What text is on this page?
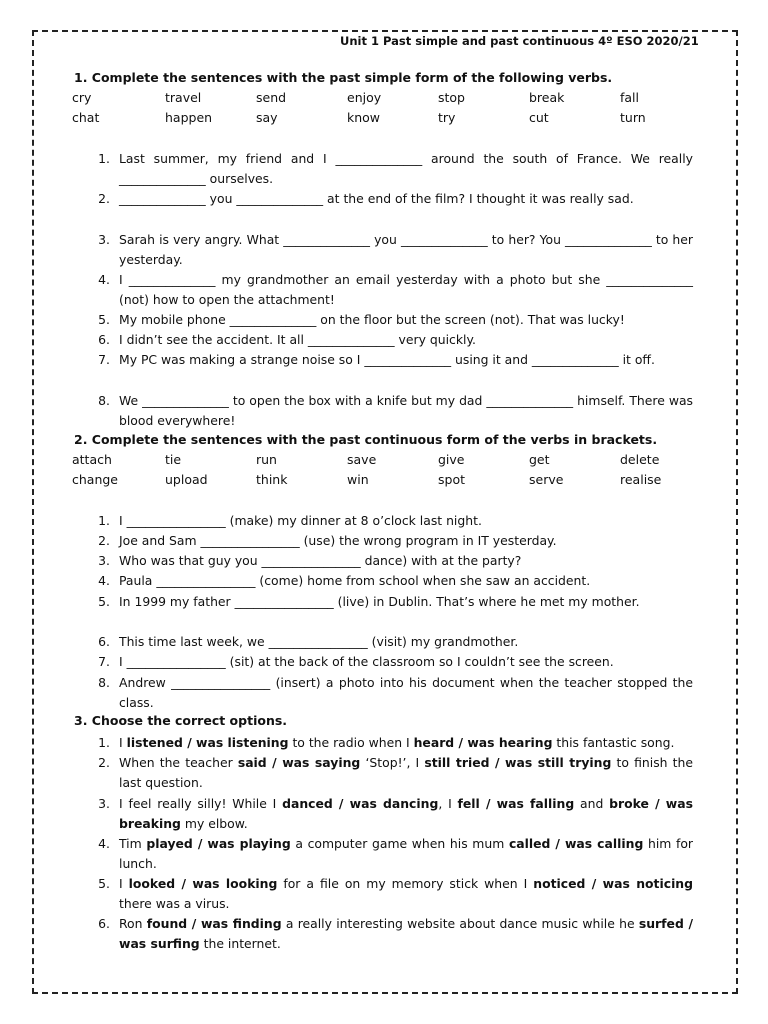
Unit 1 Past simple and past continuous 4º ESO 2020/21
1. Complete the sentences with the past simple form of the following verbs.
cry	travel	send	enjoy	stop	break	fall
chat	happen	say	know	try	cut	turn
1. Last summer, my friend and I ______________ around the south of France. We really ______________ ourselves.
2. ______________ you ______________ at the end of the film? I thought it was really sad.
3. Sarah is very angry. What ______________ you ______________ to her? You ______________ to her yesterday.
4. I ______________ my grandmother an email yesterday with a photo but she ______________ (not) how to open the attachment!
5. My mobile phone ______________ on the floor but the screen (not). That was lucky!
6. I didn’t see the accident. It all ______________ very quickly.
7. My PC was making a strange noise so I ______________ using it and ______________ it off.
8. We ______________ to open the box with a knife but my dad ______________ himself. There was blood everywhere!
2. Complete the sentences with the past continuous form of the verbs in brackets.
attach	tie	run	save	give	get	delete
change	upload	think	win	spot	serve	realise
1. I ________________ (make) my dinner at 8 o’clock last night.
2. Joe and Sam ________________ (use) the wrong program in IT yesterday.
3. Who was that guy you ________________ dance) with at the party?
4. Paula ________________ (come) home from school when she saw an accident.
5. In 1999 my father ________________ (live) in Dublin. That’s where he met my mother.
6. This time last week, we ________________ (visit) my grandmother.
7. I ________________ (sit) at the back of the classroom so I couldn’t see the screen.
8. Andrew ________________ (insert) a photo into his document when the teacher stopped the class.
3. Choose the correct options.
1. I listened / was listening to the radio when I heard / was hearing this fantastic song.
2. When the teacher said / was saying ‘Stop!’, I still tried / was still trying to finish the last question.
3. I feel really silly! While I danced / was dancing, I fell / was falling and broke / was breaking my elbow.
4. Tim played / was playing a computer game when his mum called / was calling him for lunch.
5. I looked / was looking for a file on my memory stick when I noticed / was noticing there was a virus.
6. Ron found / was finding a really interesting website about dance music while he surfed / was surfing the internet.
